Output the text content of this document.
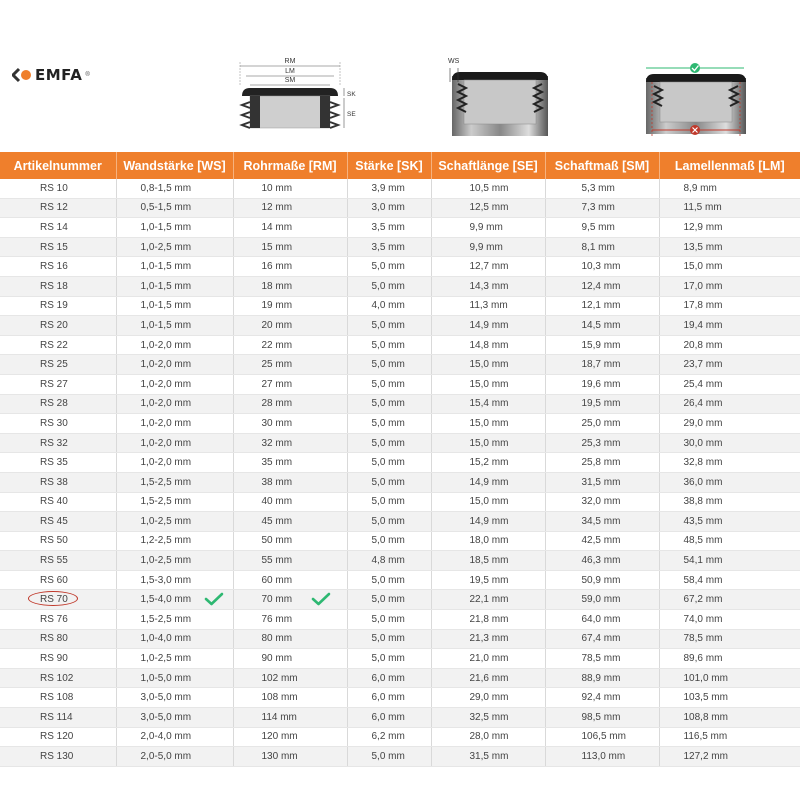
EMFA ®
RM
LM
SM
SK
SE
WS
Artikelnummer	Wandstärke [WS]	Rohrmaße [RM]	Stärke [SK]	Schaftlänge [SE]	Schaftmaß [SM]	Lamellenmaß [LM]
RS 10	0,8-1,5 mm	10 mm	3,9 mm	10,5 mm	5,3 mm	8,9 mm
RS 12	0,5-1,5 mm	12 mm	3,0 mm	12,5 mm	7,3 mm	11,5 mm
RS 14	1,0-1,5 mm	14 mm	3,5 mm	9,9 mm	9,5 mm	12,9 mm
RS 15	1,0-2,5 mm	15 mm	3,5 mm	9,9 mm	8,1 mm	13,5 mm
RS 16	1,0-1,5 mm	16 mm	5,0 mm	12,7 mm	10,3 mm	15,0 mm
RS 18	1,0-1,5 mm	18 mm	5,0 mm	14,3 mm	12,4 mm	17,0 mm
RS 19	1,0-1,5 mm	19 mm	4,0 mm	11,3 mm	12,1 mm	17,8 mm
RS 20	1,0-1,5 mm	20 mm	5,0 mm	14,9 mm	14,5 mm	19,4 mm
RS 22	1,0-2,0 mm	22 mm	5,0 mm	14,8 mm	15,9 mm	20,8 mm
RS 25	1,0-2,0 mm	25 mm	5,0 mm	15,0 mm	18,7 mm	23,7 mm
RS 27	1,0-2,0 mm	27 mm	5,0 mm	15,0 mm	19,6 mm	25,4 mm
RS 28	1,0-2,0 mm	28 mm	5,0 mm	15,4 mm	19,5 mm	26,4 mm
RS 30	1,0-2,0 mm	30 mm	5,0 mm	15,0 mm	25,0 mm	29,0 mm
RS 32	1,0-2,0 mm	32 mm	5,0 mm	15,0 mm	25,3 mm	30,0 mm
RS 35	1,0-2,0 mm	35 mm	5,0 mm	15,2 mm	25,8 mm	32,8 mm
RS 38	1,5-2,5 mm	38 mm	5,0 mm	14,9 mm	31,5 mm	36,0 mm
RS 40	1,5-2,5 mm	40 mm	5,0 mm	15,0 mm	32,0 mm	38,8 mm
RS 45	1,0-2,5 mm	45 mm	5,0 mm	14,9 mm	34,5 mm	43,5 mm
RS 50	1,2-2,5 mm	50 mm	5,0 mm	18,0 mm	42,5 mm	48,5 mm
RS 55	1,0-2,5 mm	55 mm	4,8 mm	18,5 mm	46,3 mm	54,1 mm
RS 60	1,5-3,0 mm	60 mm	5,0 mm	19,5 mm	50,9 mm	58,4 mm
RS 70	1,5-4,0 mm	70 mm	5,0 mm	22,1 mm	59,0 mm	67,2 mm
RS 76	1,5-2,5 mm	76 mm	5,0 mm	21,8 mm	64,0 mm	74,0 mm
RS 80	1,0-4,0 mm	80 mm	5,0 mm	21,3 mm	67,4 mm	78,5 mm
RS 90	1,0-2,5 mm	90 mm	5,0 mm	21,0 mm	78,5 mm	89,6 mm
RS 102	1,0-5,0 mm	102 mm	6,0 mm	21,6 mm	88,9 mm	101,0 mm
RS 108	3,0-5,0 mm	108 mm	6,0 mm	29,0 mm	92,4 mm	103,5 mm
RS 114	3,0-5,0 mm	114 mm	6,0 mm	32,5 mm	98,5 mm	108,8 mm
RS 120	2,0-4,0 mm	120 mm	6,2 mm	28,0 mm	106,5 mm	116,5 mm
RS 130	2,0-5,0 mm	130 mm	5,0 mm	31,5 mm	113,0 mm	127,2 mm
